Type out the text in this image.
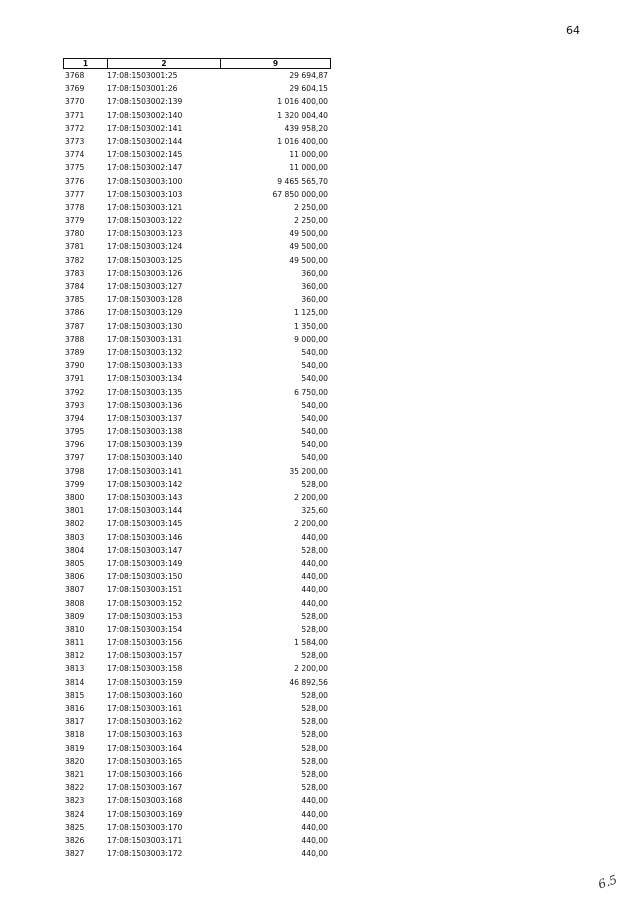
64
1	2	9
3768	17:08:1503001:25	29 694,87
3769	17:08:1503001:26	29 604,15
3770	17:08:1503002:139	1 016 400,00
3771	17:08:1503002:140	1 320 004,40
3772	17:08:1503002:141	439 958,20
3773	17:08:1503002:144	1 016 400,00
3774	17:08:1503002:145	11 000,00
3775	17:08:1503002:147	11 000,00
3776	17:08:1503003:100	9 465 565,70
3777	17:08:1503003:103	67 850 000,00
3778	17:08:1503003:121	2 250,00
3779	17:08:1503003:122	2 250,00
3780	17:08:1503003:123	49 500,00
3781	17:08:1503003:124	49 500,00
3782	17:08:1503003:125	49 500,00
3783	17:08:1503003:126	360,00
3784	17:08:1503003:127	360,00
3785	17:08:1503003:128	360,00
3786	17:08:1503003:129	1 125,00
3787	17:08:1503003:130	1 350,00
3788	17:08:1503003:131	9 000,00
3789	17:08:1503003:132	540,00
3790	17:08:1503003:133	540,00
3791	17:08:1503003:134	540,00
3792	17:08:1503003:135	6 750,00
3793	17:08:1503003:136	540,00
3794	17:08:1503003:137	540,00
3795	17:08:1503003:138	540,00
3796	17:08:1503003:139	540,00
3797	17:08:1503003:140	540,00
3798	17:08:1503003:141	35 200,00
3799	17:08:1503003:142	528,00
3800	17:08:1503003:143	2 200,00
3801	17:08:1503003:144	325,60
3802	17:08:1503003:145	2 200,00
3803	17:08:1503003:146	440,00
3804	17:08:1503003:147	528,00
3805	17:08:1503003:149	440,00
3806	17:08:1503003:150	440,00
3807	17:08:1503003:151	440,00
3808	17:08:1503003:152	440,00
3809	17:08:1503003:153	528,00
3810	17:08:1503003:154	528,00
3811	17:08:1503003:156	1 584,00
3812	17:08:1503003:157	528,00
3813	17:08:1503003:158	2 200,00
3814	17:08:1503003:159	46 892,56
3815	17:08:1503003:160	528,00
3816	17:08:1503003:161	528,00
3817	17:08:1503003:162	528,00
3818	17:08:1503003:163	528,00
3819	17:08:1503003:164	528,00
3820	17:08:1503003:165	528,00
3821	17:08:1503003:166	528,00
3822	17:08:1503003:167	528,00
3823	17:08:1503003:168	440,00
3824	17:08:1503003:169	440,00
3825	17:08:1503003:170	440,00
3826	17:08:1503003:171	440,00
3827	17:08:1503003:172	440,00
6.5
